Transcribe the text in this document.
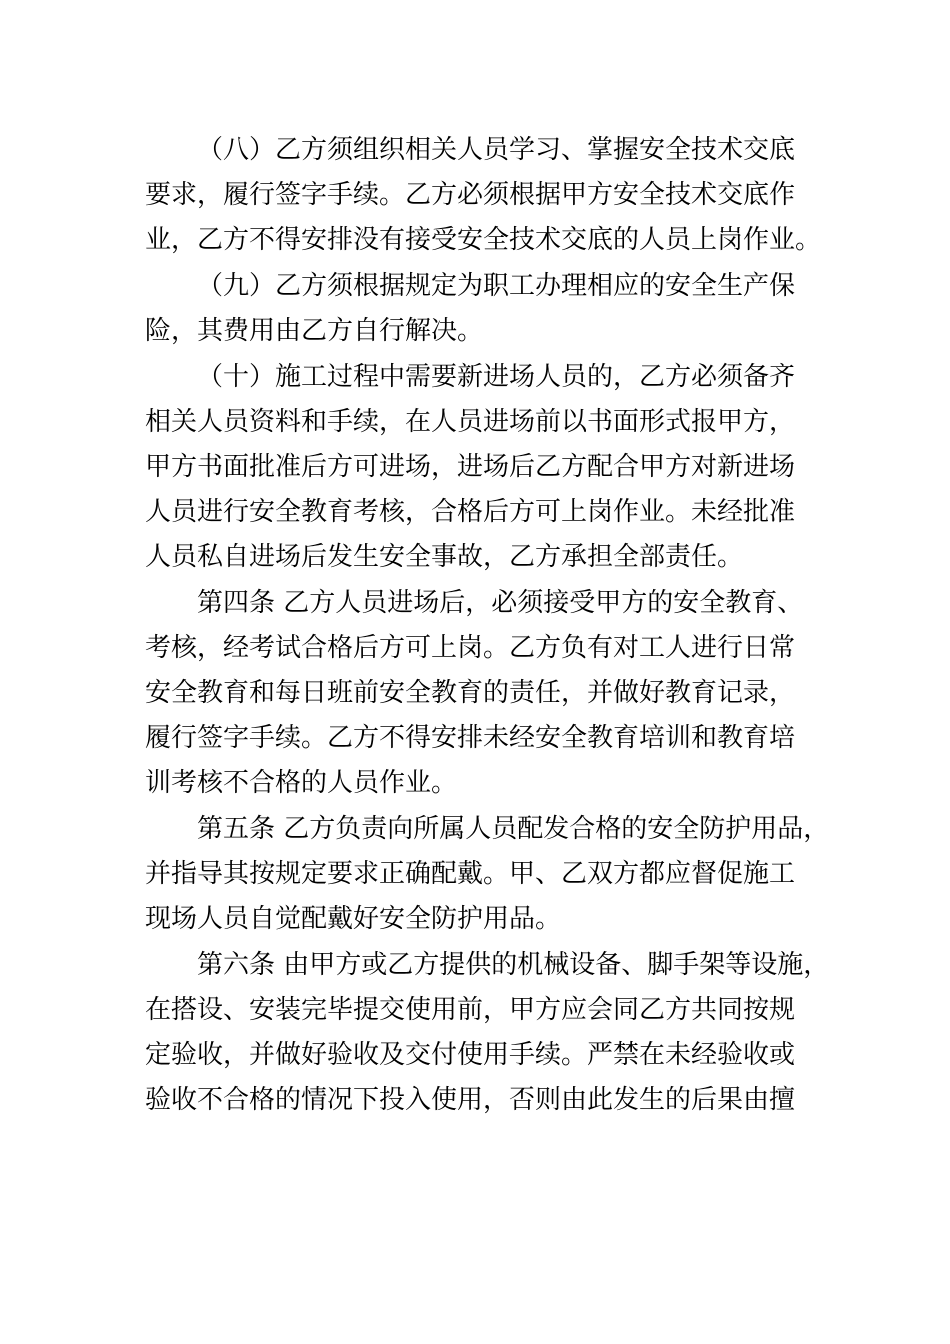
（八）乙方须组织相关人员学习、掌握安全技术交底
要求，履行签字手续。乙方必须根据甲方安全技术交底作
业，乙方不得安排没有接受安全技术交底的人员上岗作业。
（九）乙方须根据规定为职工办理相应的安全生产保
险，其费用由乙方自行解决。
（十）施工过程中需要新进场人员的，乙方必须备齐
相关人员资料和手续，在人员进场前以书面形式报甲方，
甲方书面批准后方可进场，进场后乙方配合甲方对新进场
人员进行安全教育考核，合格后方可上岗作业。未经批准
人员私自进场后发生安全事故，乙方承担全部责任。
第四条 乙方人员进场后，必须接受甲方的安全教育、
考核，经考试合格后方可上岗。乙方负有对工人进行日常
安全教育和每日班前安全教育的责任，并做好教育记录，
履行签字手续。乙方不得安排未经安全教育培训和教育培
训考核不合格的人员作业。
第五条 乙方负责向所属人员配发合格的安全防护用品，
并指导其按规定要求正确配戴。甲、乙双方都应督促施工
现场人员自觉配戴好安全防护用品。
第六条 由甲方或乙方提供的机械设备、脚手架等设施，
在搭设、安装完毕提交使用前，甲方应会同乙方共同按规
定验收，并做好验收及交付使用手续。严禁在未经验收或
验收不合格的情况下投入使用，否则由此发生的后果由擅
